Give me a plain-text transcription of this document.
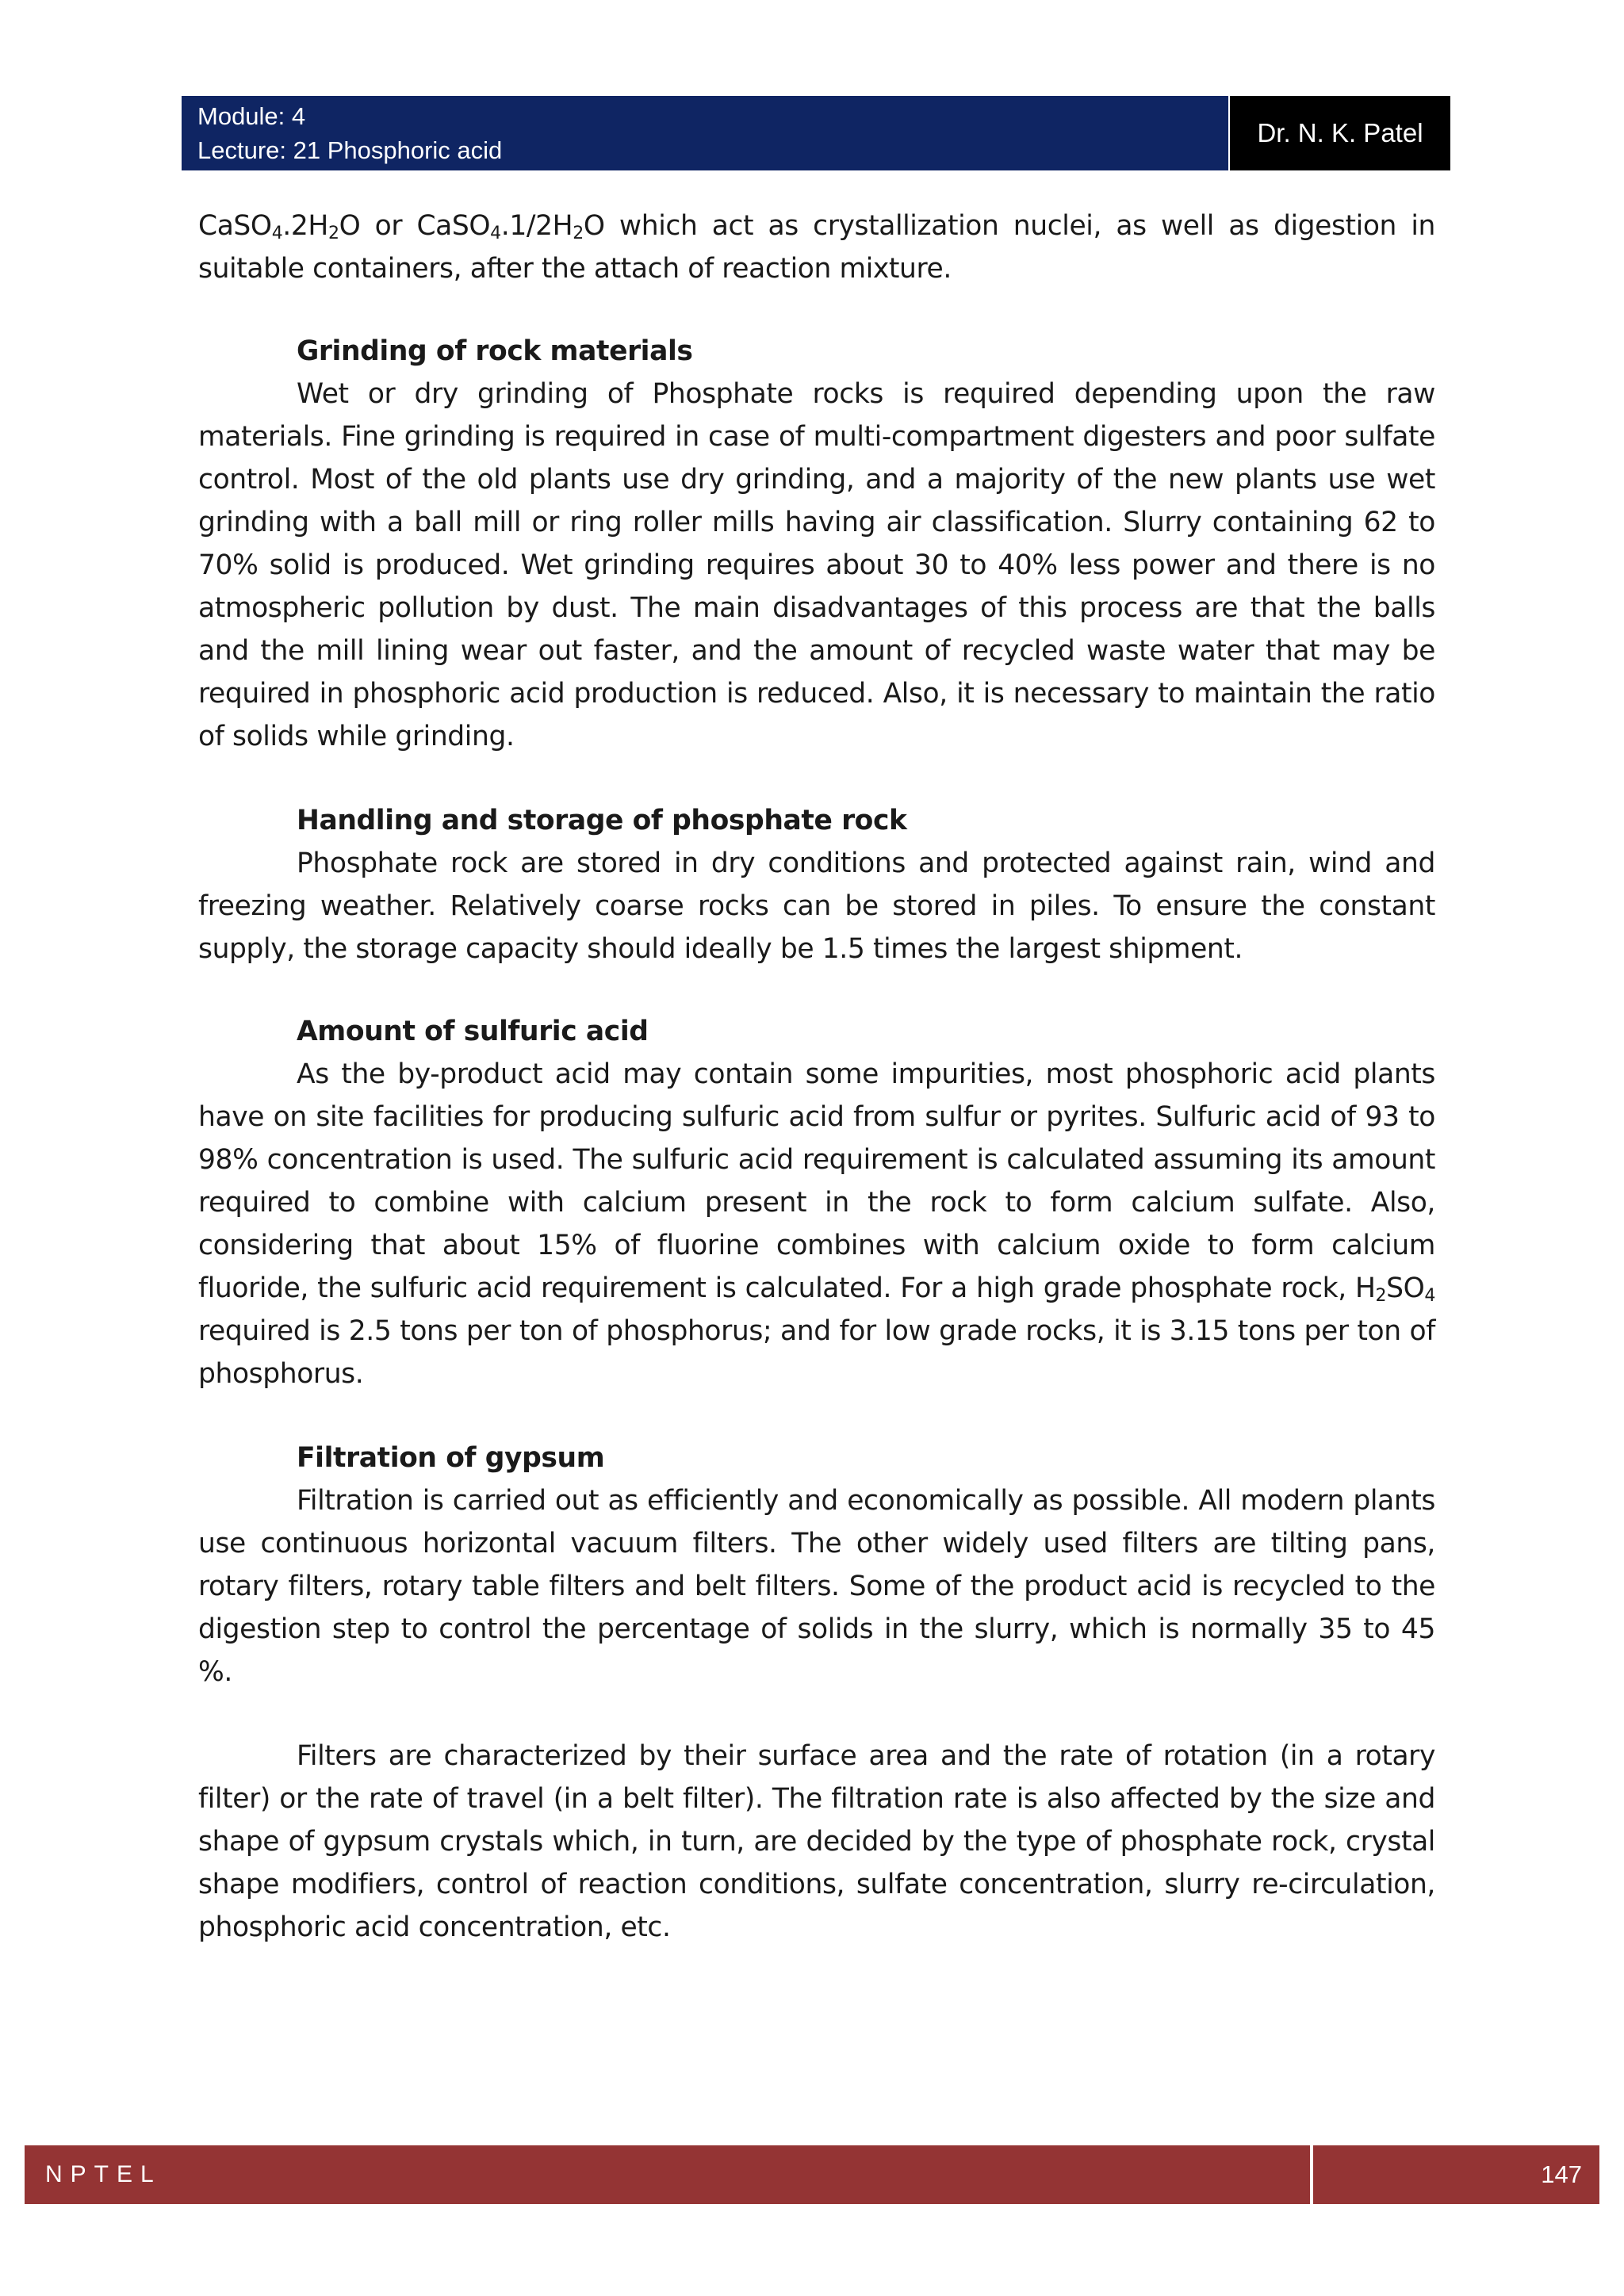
Module: 4
Lecture: 21 Phosphoric acid
Dr. N. K. Patel

$CaSO_4.2H_2O$ or $CaSO_4.1/2H_2O$ which act as crystallization nuclei, as well as digestion in suitable containers, after the attach of reaction mixture.

Grinding of rock materials

Wet or dry grinding of Phosphate rocks is required depending upon the raw materials. Fine grinding is required in case of multi-compartment digesters and poor sulfate control. Most of the old plants use dry grinding, and a majority of the new plants use wet grinding with a ball mill or ring roller mills having air classification. Slurry containing 62 to 70% solid is produced. Wet grinding requires about 30 to 40% less power and there is no atmospheric pollution by dust. The main disadvantages of this process are that the balls and the mill lining wear out faster, and the amount of recycled waste water that may be required in phosphoric acid production is reduced. Also, it is necessary to maintain the ratio of solids while grinding.

Handling and storage of phosphate rock

Phosphate rock are stored in dry conditions and protected against rain, wind and freezing weather. Relatively coarse rocks can be stored in piles. To ensure the constant supply, the storage capacity should ideally be 1.5 times the largest shipment.

Amount of sulfuric acid

As the by-product acid may contain some impurities, most phosphoric acid plants have on site facilities for producing sulfuric acid from sulfur or pyrites. Sulfuric acid of 93 to 98% concentration is used. The sulfuric acid requirement is calculated assuming its amount required to combine with calcium present in the rock to form calcium sulfate. Also, considering that about 15% of fluorine combines with calcium oxide to form calcium fluoride, the sulfuric acid requirement is calculated. For a high grade phosphate rock, $H_2SO_4$ required is 2.5 tons per ton of phosphorus; and for low grade rocks, it is 3.15 tons per ton of phosphorus.

Filtration of gypsum

Filtration is carried out as efficiently and economically as possible. All modern plants use continuous horizontal vacuum filters. The other widely used filters are tilting pans, rotary filters, rotary table filters and belt filters. Some of the product acid is recycled to the digestion step to control the percentage of solids in the slurry, which is normally 35 to 45 %.

Filters are characterized by their surface area and the rate of rotation (in a rotary filter) or the rate of travel (in a belt filter). The filtration rate is also affected by the size and shape of gypsum crystals which, in turn, are decided by the type of phosphate rock, crystal shape modifiers, control of reaction conditions, sulfate concentration, slurry re-circulation, phosphoric acid concentration, etc.

NPTEL	147
